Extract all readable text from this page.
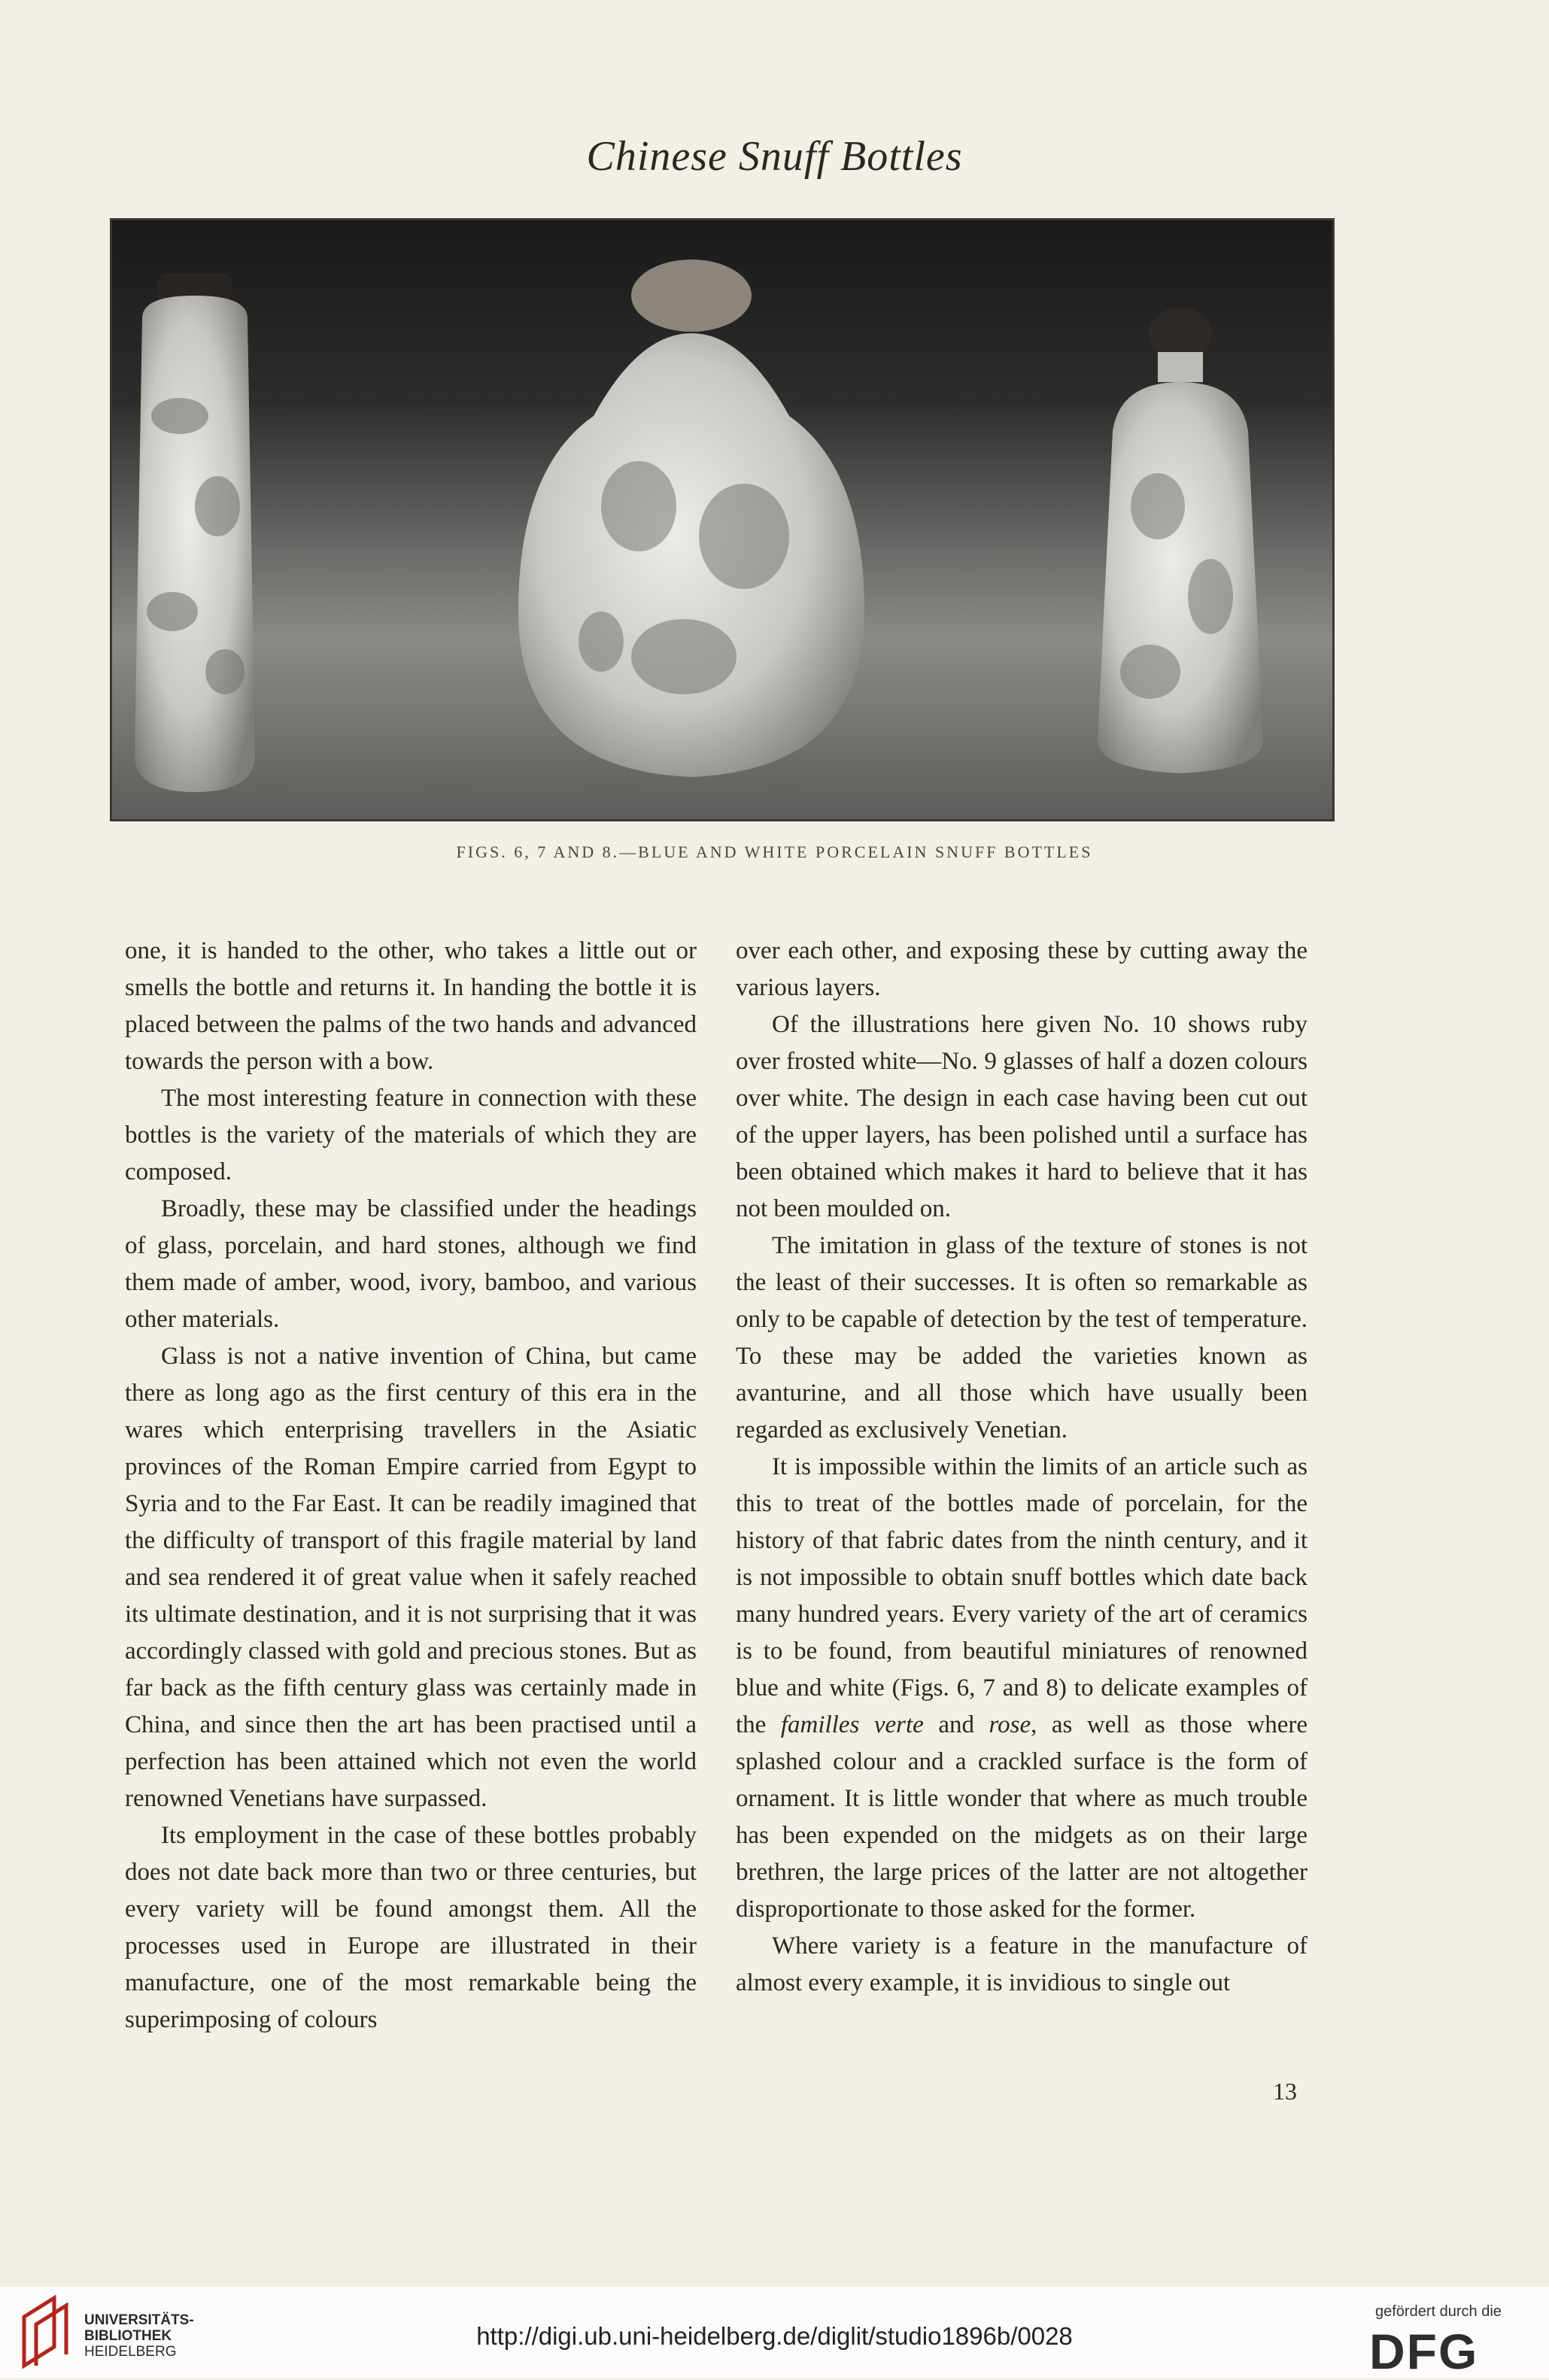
Chinese Snuff Bottles
FIGS. 6, 7 AND 8.—BLUE AND WHITE PORCELAIN SNUFF BOTTLES

one, it is handed to the other, who takes a little out or smells the bottle and returns it. In handing the bottle it is placed between the palms of the two hands and advanced towards the person with a bow.

The most interesting feature in connection with these bottles is the variety of the materials of which they are composed.

Broadly, these may be classified under the headings of glass, porcelain, and hard stones, although we find them made of amber, wood, ivory, bamboo, and various other materials.

Glass is not a native invention of China, but came there as long ago as the first century of this era in the wares which enterprising travellers in the Asiatic provinces of the Roman Empire carried from Egypt to Syria and to the Far East. It can be readily imagined that the difficulty of transport of this fragile material by land and sea rendered it of great value when it safely reached its ultimate destination, and it is not surprising that it was accordingly classed with gold and precious stones. But as far back as the fifth century glass was certainly made in China, and since then the art has been practised until a perfection has been attained which not even the world renowned Venetians have surpassed.

Its employment in the case of these bottles probably does not date back more than two or three centuries, but every variety will be found amongst them. All the processes used in Europe are illustrated in their manufacture, one of the most remarkable being the superimposing of colours

over each other, and exposing these by cutting away the various layers.

Of the illustrations here given No. 10 shows ruby over frosted white—No. 9 glasses of half a dozen colours over white. The design in each case having been cut out of the upper layers, has been polished until a surface has been obtained which makes it hard to believe that it has not been moulded on.

The imitation in glass of the texture of stones is not the least of their successes. It is often so remarkable as only to be capable of detection by the test of temperature. To these may be added the varieties known as avanturine, and all those which have usually been regarded as exclusively Venetian.

It is impossible within the limits of an article such as this to treat of the bottles made of porcelain, for the history of that fabric dates from the ninth century, and it is not impossible to obtain snuff bottles which date back many hundred years. Every variety of the art of ceramics is to be found, from beautiful miniatures of renowned blue and white (Figs. 6, 7 and 8) to delicate examples of the familles verte and rose, as well as those where splashed colour and a crackled surface is the form of ornament. It is little wonder that where as much trouble has been expended on the midgets as on their large brethren, the large prices of the latter are not altogether disproportionate to those asked for the former.

Where variety is a feature in the manufacture of almost every example, it is invidious to single out

13
UNIVERSITÄTS-
BIBLIOTHEK
HEIDELBERG
http://digi.ub.uni-heidelberg.de/diglit/studio1896b/0028
gefördert durch die
DFG
